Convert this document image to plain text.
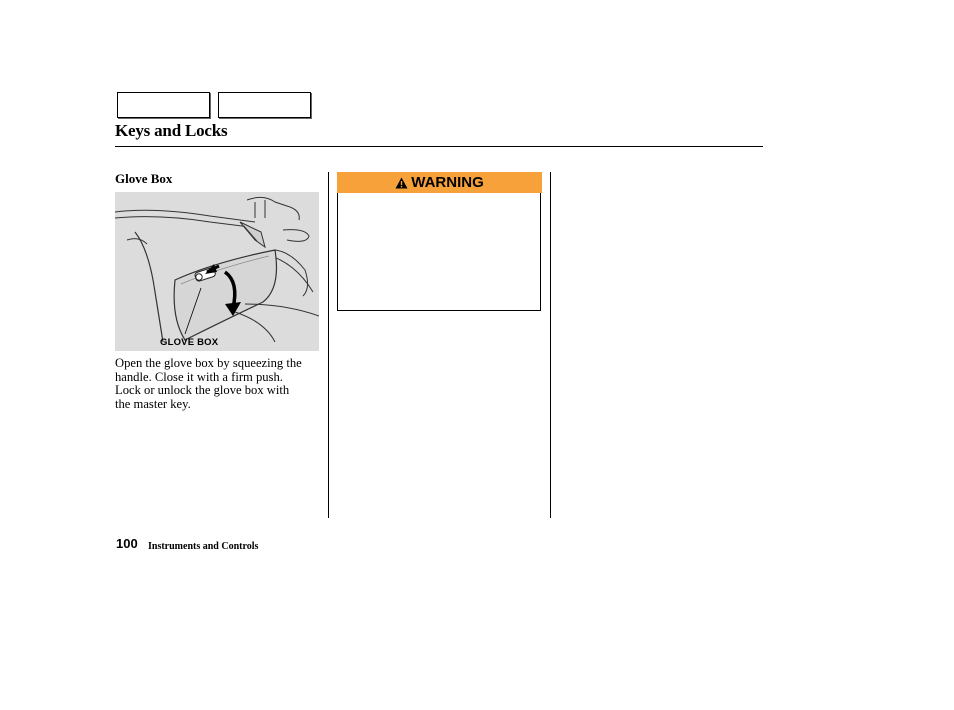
Keys and Locks
Glove Box
GLOVE BOX
Open the glove box by squeezing the
handle. Close it with a firm push.
Lock or unlock the glove box with
the master key.
WARNING
100 Instruments and Controls
